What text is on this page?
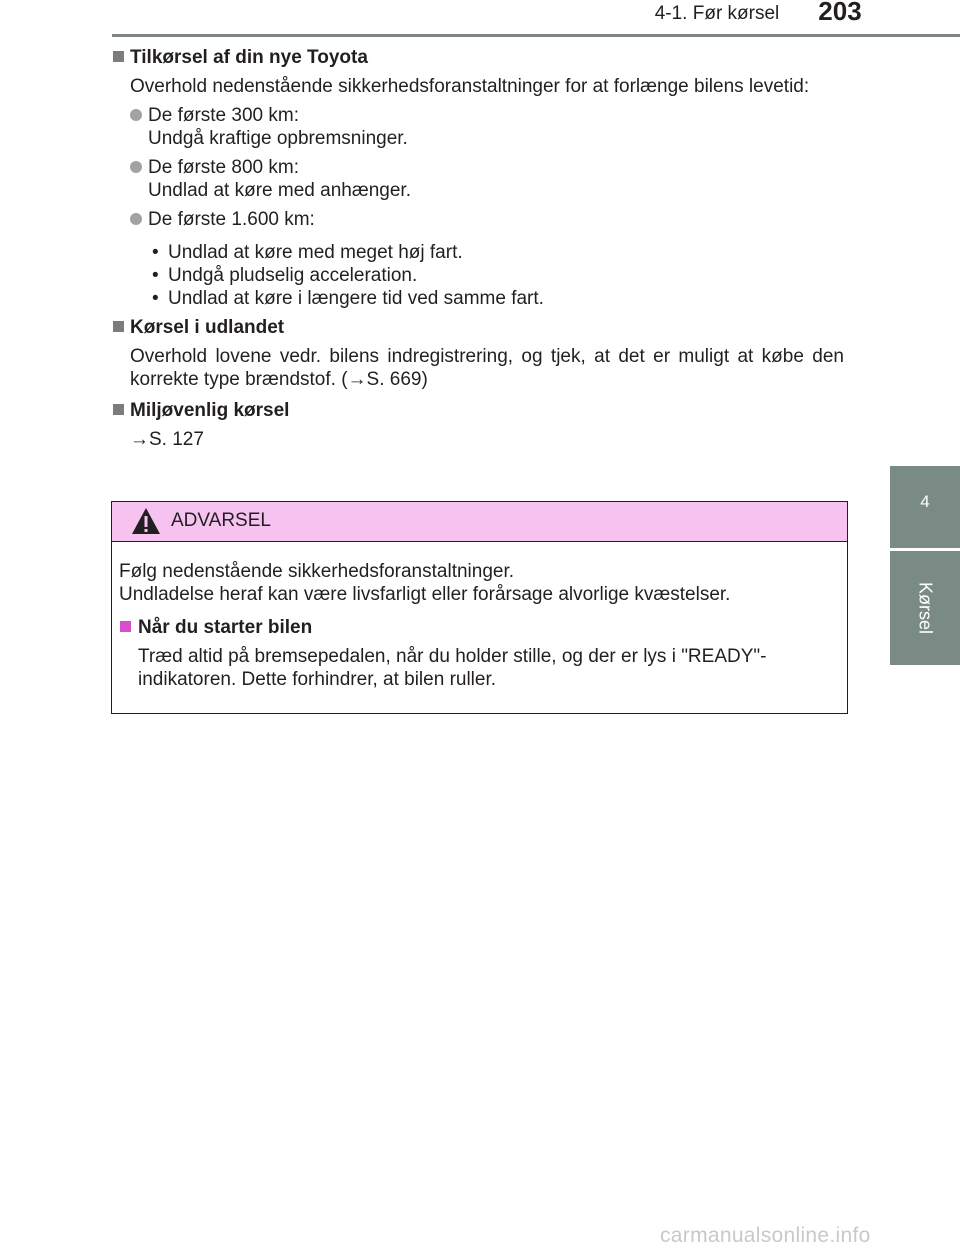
4-1. Før kørsel	203
4
Kørsel
Tilkørsel af din nye Toyota
Overhold nedenstående sikkerhedsforanstaltninger for at forlænge bilens levetid:
De første 300 km:
Undgå kraftige opbremsninger.
De første 800 km:
Undlad at køre med anhænger.
De første 1.600 km:
• Undlad at køre med meget høj fart.
• Undgå pludselig acceleration.
• Undlad at køre i længere tid ved samme fart.
Kørsel i udlandet
Overhold lovene vedr. bilens indregistrering, og tjek, at det er muligt at købe den korrekte type brændstof. (→S. 669)
Miljøvenlig kørsel
→S. 127
ADVARSEL
Følg nedenstående sikkerhedsforanstaltninger.
Undladelse heraf kan være livsfarligt eller forårsage alvorlige kvæstelser.
Når du starter bilen
Træd altid på bremsepedalen, når du holder stille, og der er lys i "READY"-indikatoren. Dette forhindrer, at bilen ruller.
carmanualsonline.info
